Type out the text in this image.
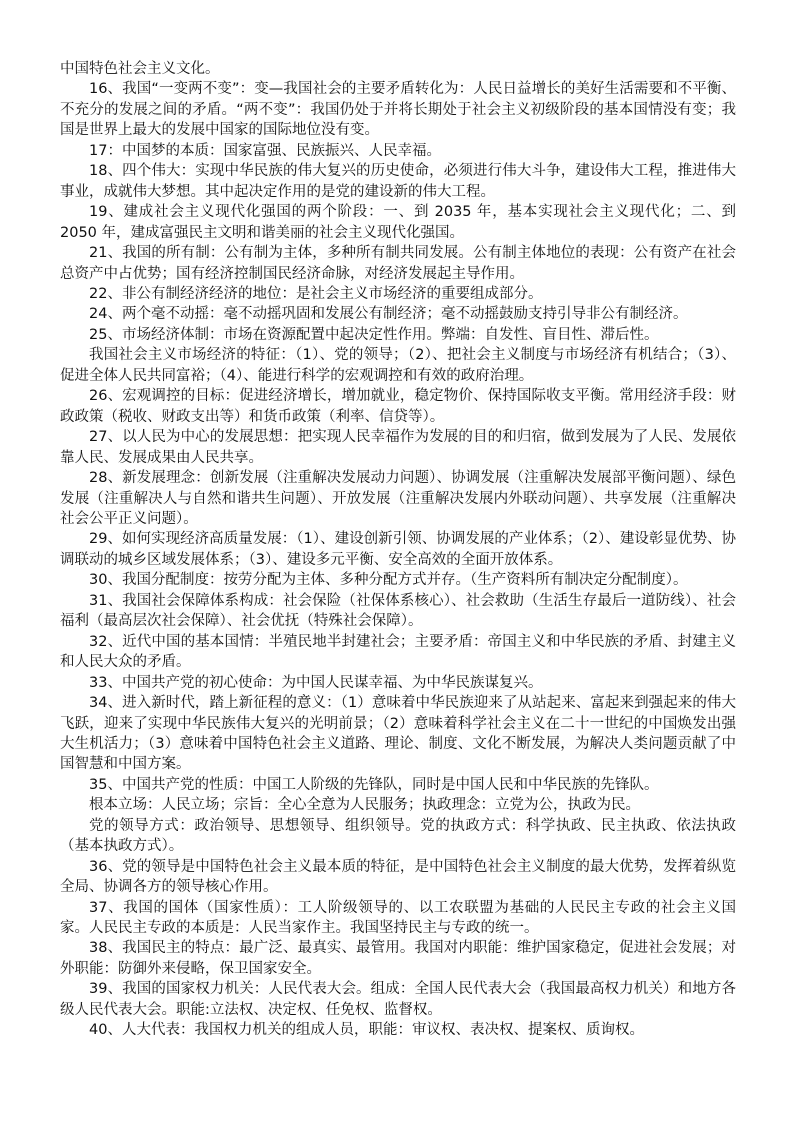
中国特色社会主义文化。

16、我国“一变两不变”：变—我国社会的主要矛盾转化为：人民日益增长的美好生活需要和不平衡、不充分的发展之间的矛盾。“两不变”：我国仍处于并将长期处于社会主义初级阶段的基本国情没有变；我国是世界上最大的发展中国家的国际地位没有变。

17：中国梦的本质：国家富强、民族振兴、人民幸福。

18、四个伟大：实现中华民族的伟大复兴的历史使命，必须进行伟大斗争，建设伟大工程，推进伟大事业，成就伟大梦想。其中起决定作用的是党的建设新的伟大工程。

19、建成社会主义现代化强国的两个阶段：一、到 2035 年，基本实现社会主义现代化；二、到 2050 年，建成富强民主文明和谐美丽的社会主义现代化强国。

21、我国的所有制：公有制为主体，多种所有制共同发展。公有制主体地位的表现：公有资产在社会总资产中占优势；国有经济控制国民经济命脉，对经济发展起主导作用。

22、非公有制经济经济的地位：是社会主义市场经济的重要组成部分。

24、两个毫不动摇：毫不动摇巩固和发展公有制经济；毫不动摇鼓励支持引导非公有制经济。

25、市场经济体制：市场在资源配置中起决定性作用。弊端：自发性、盲目性、滞后性。

我国社会主义市场经济的特征：（1）、党的领导；（2）、把社会主义制度与市场经济有机结合；（3）、促进全体人民共同富裕；（4）、能进行科学的宏观调控和有效的政府治理。

26、宏观调控的目标：促进经济增长，增加就业，稳定物价、保持国际收支平衡。常用经济手段：财政政策（税收、财政支出等）和货币政策（利率、信贷等）。

27、以人民为中心的发展思想：把实现人民幸福作为发展的目的和归宿，做到发展为了人民、发展依靠人民、发展成果由人民共享。

28、新发展理念：创新发展（注重解决发展动力问题）、协调发展（注重解决发展部平衡问题）、绿色发展（注重解决人与自然和谐共生问题）、开放发展（注重解决发展内外联动问题）、共享发展（注重解决社会公平正义问题）。

29、如何实现经济高质量发展：（1）、建设创新引领、协调发展的产业体系；（2）、建设彰显优势、协调联动的城乡区域发展体系；（3）、建设多元平衡、安全高效的全面开放体系。

30、我国分配制度：按劳分配为主体、多种分配方式并存。（生产资料所有制决定分配制度）。

31、我国社会保障体系构成：社会保险（社保体系核心）、社会救助（生活生存最后一道防线）、社会福利（最高层次社会保障）、社会优抚（特殊社会保障）。

32、近代中国的基本国情：半殖民地半封建社会；主要矛盾：帝国主义和中华民族的矛盾、封建主义和人民大众的矛盾。

33、中国共产党的初心使命：为中国人民谋幸福、为中华民族谋复兴。

34、进入新时代，踏上新征程的意义：（1）意味着中华民族迎来了从站起来、富起来到强起来的伟大飞跃，迎来了实现中华民族伟大复兴的光明前景；（2）意味着科学社会主义在二十一世纪的中国焕发出强大生机活力；（3）意味着中国特色社会主义道路、理论、制度、文化不断发展，为解决人类问题贡献了中国智慧和中国方案。

35、中国共产党的性质：中国工人阶级的先锋队，同时是中国人民和中华民族的先锋队。

根本立场：人民立场；宗旨：全心全意为人民服务；执政理念：立党为公，执政为民。

党的领导方式：政治领导、思想领导、组织领导。党的执政方式：科学执政、民主执政、依法执政（基本执政方式）。

36、党的领导是中国特色社会主义最本质的特征，是中国特色社会主义制度的最大优势，发挥着纵览全局、协调各方的领导核心作用。

37、我国的国体（国家性质）：工人阶级领导的、以工农联盟为基础的人民民主专政的社会主义国家。人民民主专政的本质是：人民当家作主。我国坚持民主与专政的统一。

38、我国民主的特点：最广泛、最真实、最管用。我国对内职能：维护国家稳定，促进社会发展；对外职能：防御外来侵略，保卫国家安全。

39、我国的国家权力机关：人民代表大会。组成：全国人民代表大会（我国最高权力机关）和地方各级人民代表大会。职能:立法权、决定权、任免权、监督权。

40、人大代表：我国权力机关的组成人员，职能：审议权、表决权、提案权、质询权。
